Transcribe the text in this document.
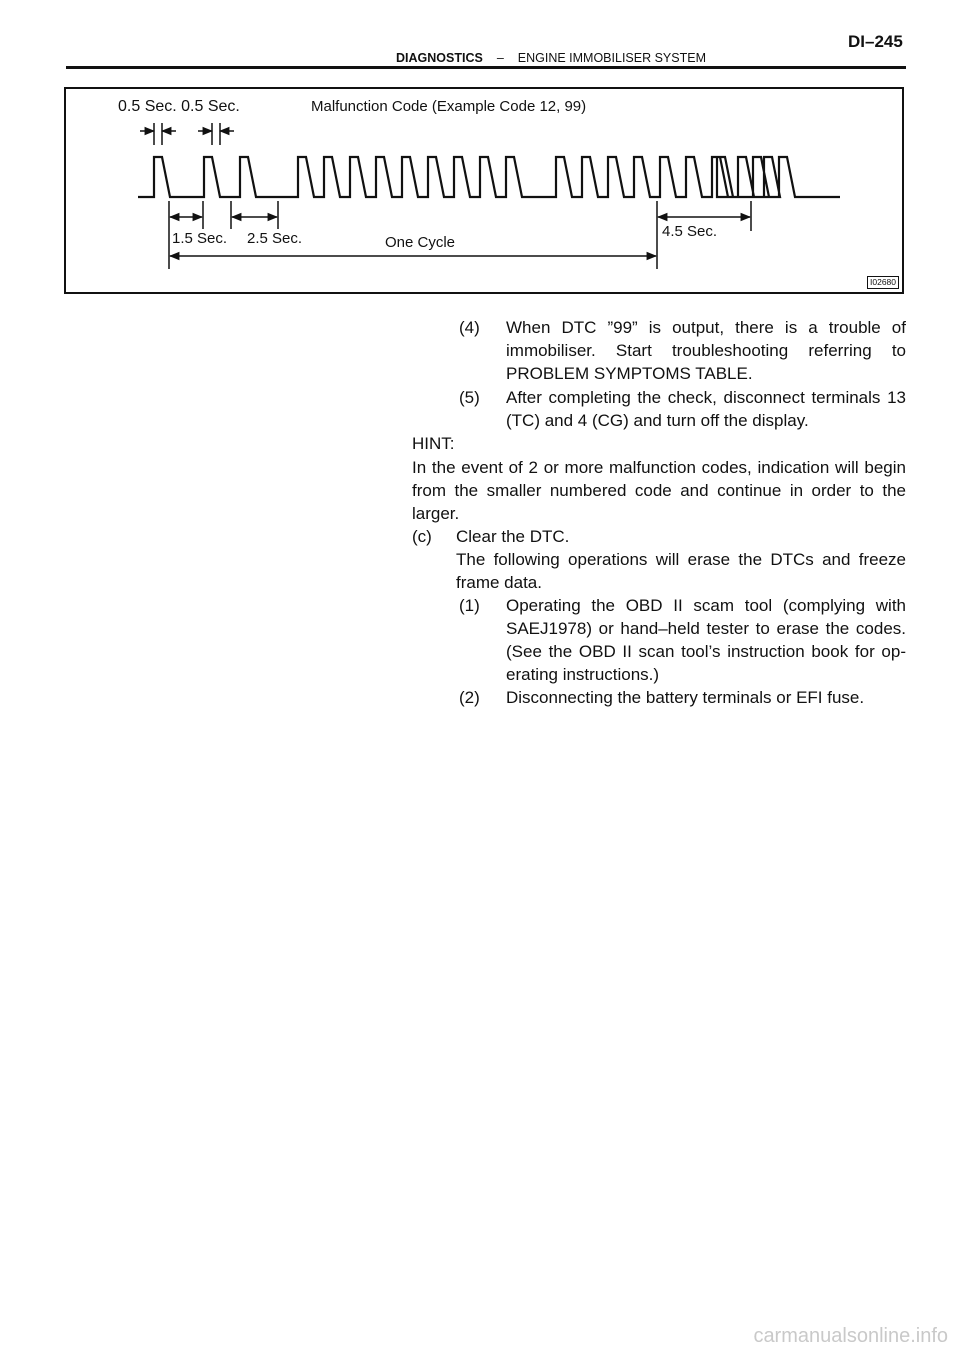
DI–245
DIAGNOSTICS – ENGINE IMMOBILISER SYSTEM
0.5 Sec. 0.5 Sec.	Malfunction Code (Example Code 12, 99)
1.5 Sec. 2.5 Sec.	One Cycle
4.5 Sec.
I02680
(4) When DTC ”99” is output, there is a trouble of
immobiliser. Start troubleshooting referring to
PROBLEM SYMPTOMS TABLE.
(5) After completing the check, disconnect terminals 13
(TC) and 4 (CG) and turn off the display.
HINT:
In the event of 2 or more malfunction codes, indication will begin
from the smaller numbered code and continue in order to the
larger.
(c) Clear the DTC.
The following operations will erase the DTCs and freeze
frame data.
(1) Operating the OBD II scam tool (complying with
SAEJ1978) or hand–held tester to erase the codes.
(See the OBD II scan tool’s instruction book for op-
erating instructions.)
(2) Disconnecting the battery terminals or EFI fuse.
carmanualsonline.info
